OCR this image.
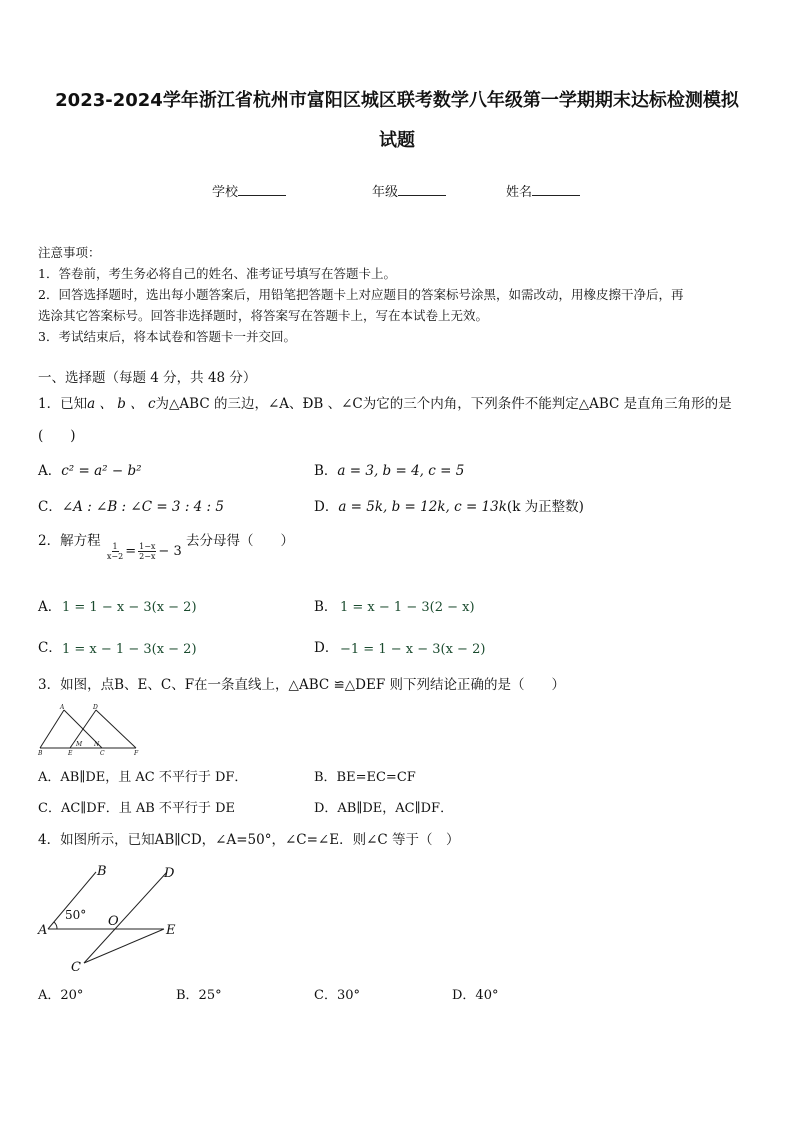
2023-2024学年浙江省杭州市富阳区城区联考数学八年级第一学期期末达标检测模拟
试题
学校	年级	姓名
注意事项：
1．答卷前，考生务必将自己的姓名、准考证号填写在答题卡上。
2．回答选择题时，选出每小题答案后，用铅笔把答题卡上对应题目的答案标号涂黑，如需改动，用橡皮擦干净后，再
选涂其它答案标号。回答非选择题时，将答案写在答题卡上，写在本试卷上无效。
3．考试结束后，将本试卷和答题卡一并交回。
一、选择题（每题 4 分，共 48 分）
1．已知a 、 b 、 c为△ABC 的三边，∠A、ÐB 、∠C为它的三个内角，下列条件不能判定△ABC 是直角三角形的是
(　　)
A．c² = a² − b²	B．a = 3, b = 4, c = 5
C．∠A : ∠B : ∠C = 3 : 4 : 5	D．a = 5k, b = 12k, c = 13k(k 为正整数)
2．解方程
$\frac{1}{x-2} = \frac{1-x}{2-x} - 3$ 去分母得（　　）
A． 1 = 1 − x − 3(x − 2)	B． 1 = x − 1 − 3(2 − x)
C． 1 = x − 1 − 3(x − 2)	D． −1 = 1 − x − 3(x − 2)
3．如图，点B、E、C、F在一条直线上，△ABC ≌△DEF 则下列结论正确的是（　　）
A	D
B	E
M N
C	F
A．AB∥DE，且 AC 不平行于 DF．	B．BE=EC=CF
C．AC∥DF．且 AB 不平行于 DE	D．AB∥DE，AC∥DF．
4．如图所示，已知AB∥CD，∠A=50°，∠C=∠E．则∠C 等于（　）
B	D
50° O
A	E
C
A．20°	B．25°	C．30°	D．40°
